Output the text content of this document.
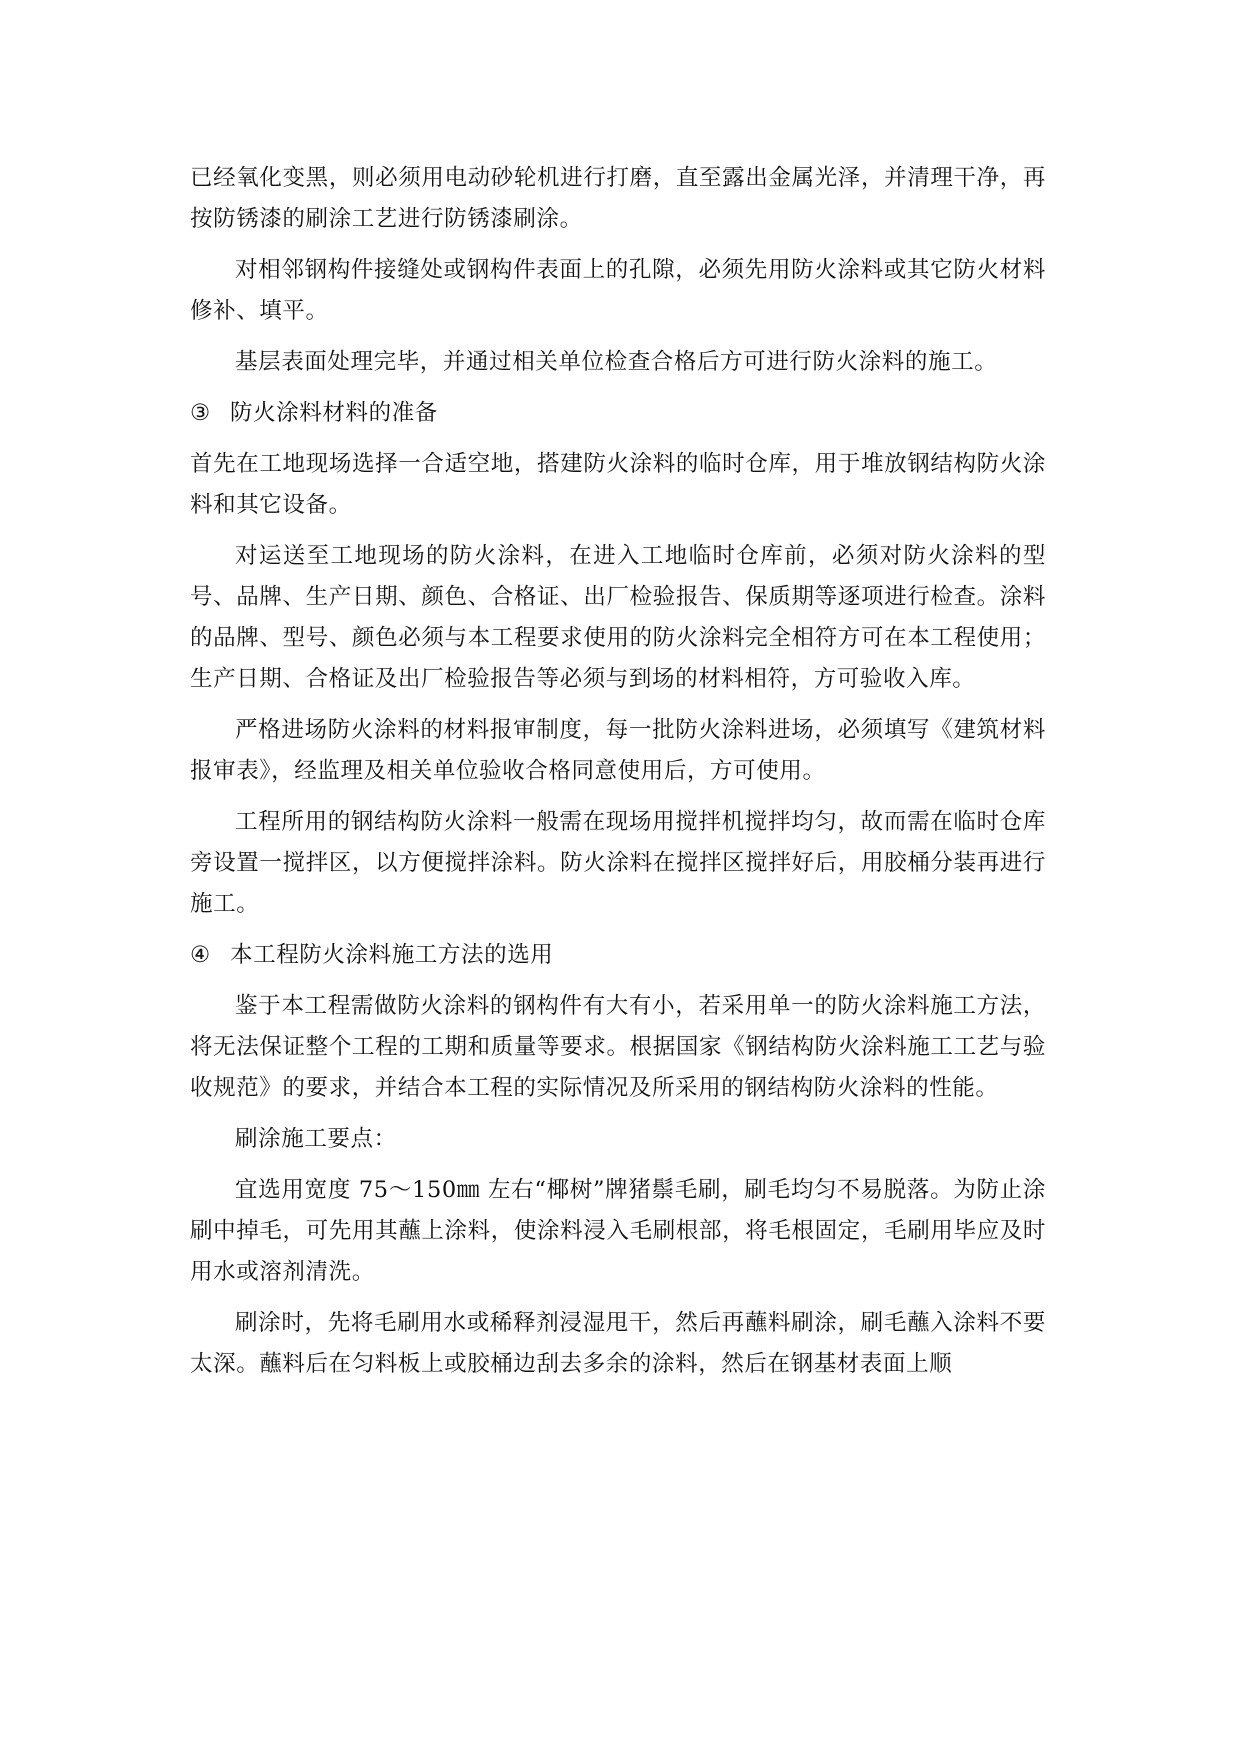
已经氧化变黑，则必须用电动砂轮机进行打磨，直至露出金属光泽，并清理干净，再按防锈漆的刷涂工艺进行防锈漆刷涂。

对相邻钢构件接缝处或钢构件表面上的孔隙，必须先用防火涂料或其它防火材料修补、填平。

基层表面处理完毕，并通过相关单位检查合格后方可进行防火涂料的施工。

③ 防火涂料材料的准备

首先在工地现场选择一合适空地，搭建防火涂料的临时仓库，用于堆放钢结构防火涂料和其它设备。

对运送至工地现场的防火涂料，在进入工地临时仓库前，必须对防火涂料的型号、品牌、生产日期、颜色、合格证、出厂检验报告、保质期等逐项进行检查。涂料的品牌、型号、颜色必须与本工程要求使用的防火涂料完全相符方可在本工程使用；生产日期、合格证及出厂检验报告等必须与到场的材料相符，方可验收入库。

严格进场防火涂料的材料报审制度，每一批防火涂料进场，必须填写《建筑材料报审表》，经监理及相关单位验收合格同意使用后，方可使用。

工程所用的钢结构防火涂料一般需在现场用搅拌机搅拌均匀，故而需在临时仓库旁设置一搅拌区，以方便搅拌涂料。防火涂料在搅拌区搅拌好后，用胶桶分装再进行施工。

④ 本工程防火涂料施工方法的选用

鉴于本工程需做防火涂料的钢构件有大有小，若采用单一的防火涂料施工方法，将无法保证整个工程的工期和质量等要求。根据国家《钢结构防火涂料施工工艺与验收规范》的要求，并结合本工程的实际情况及所采用的钢结构防火涂料的性能。

刷涂施工要点：

宜选用宽度 75～150㎜ 左右“椰树”牌猪鬃毛刷，刷毛均匀不易脱落。为防止涂刷中掉毛，可先用其蘸上涂料，使涂料浸入毛刷根部，将毛根固定，毛刷用毕应及时用水或溶剂清洗。

刷涂时，先将毛刷用水或稀释剂浸湿甩干，然后再蘸料刷涂，刷毛蘸入涂料不要太深。蘸料后在匀料板上或胶桶边刮去多余的涂料，然后在钢基材表面上顺
